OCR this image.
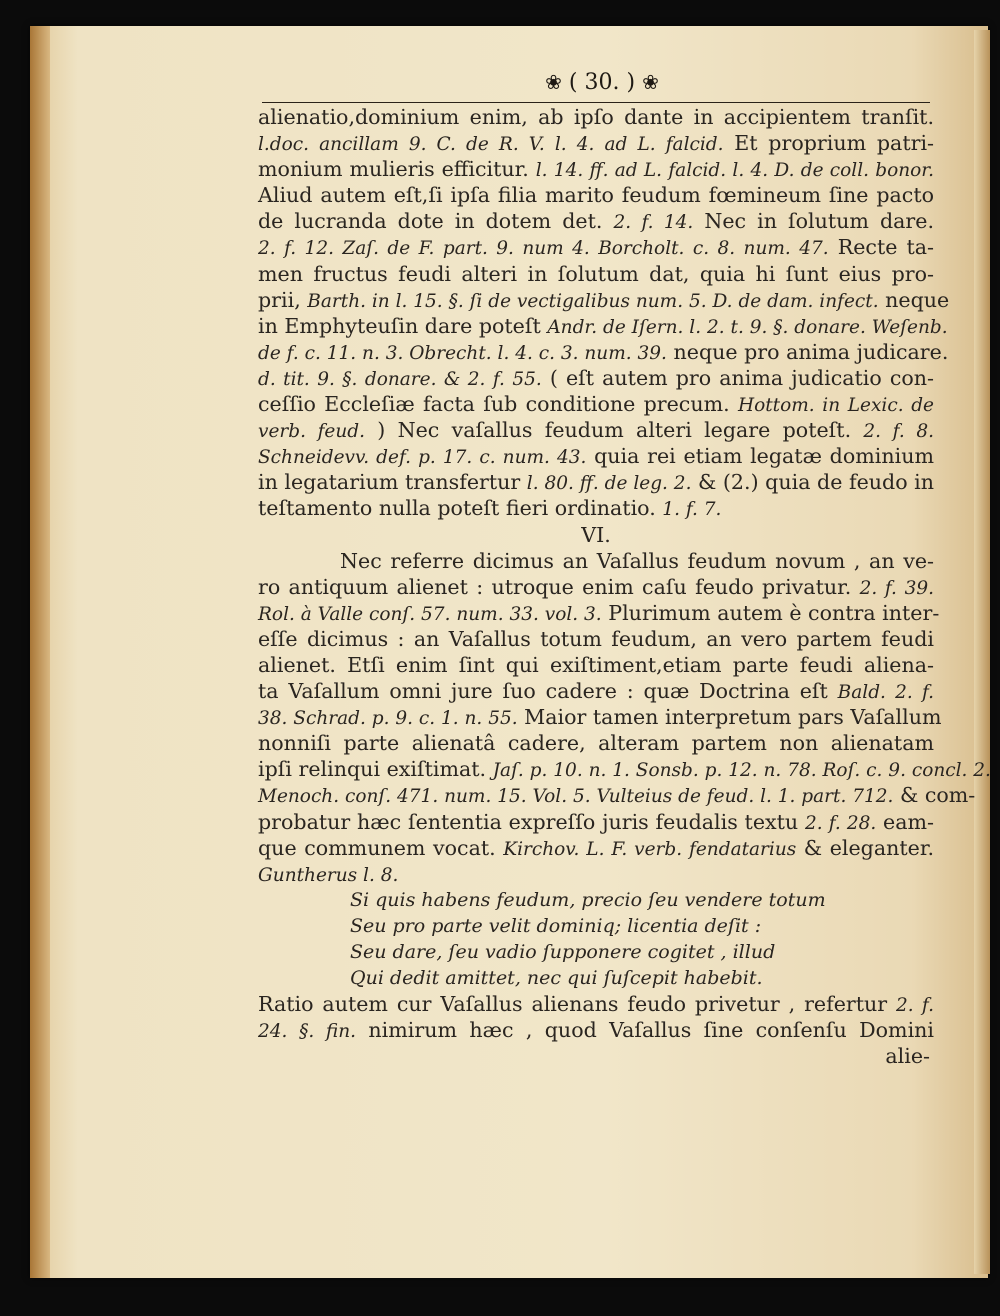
❀ ( 30. ) ❀
alienatio,dominium enim, ab ipſo dante in accipientem tranſit.
l.doc. ancillam 9. C. de R. V. l. 4. ad L. falcid. Et proprium patri-
monium mulieris efficitur. l. 14. ff. ad L. falcid. l. 4. D. de coll. bonor.
Aliud autem eſt,ſi ipſa filia marito feudum fœmineum ſine pacto
de lucranda dote in dotem det. 2. f. 14. Nec in ſolutum dare.
2. f. 12. Zaſ. de F. part. 9. num 4. Borcholt. c. 8. num. 47. Recte ta-
men fructus feudi alteri in ſolutum dat, quia hi ſunt eius pro-
prii, Barth. in l. 15. §. ſi de vectigalibus num. 5. D. de dam. infect. neque
in Emphyteuſin dare poteſt Andr. de Iſern. l. 2. t. 9. §. donare. Weſenb.
de f. c. 11. n. 3. Obrecht. l. 4. c. 3. num. 39. neque pro anima judicare.
d. tit. 9. §. donare. & 2. f. 55. ( eſt autem pro anima judicatio con-
ceſſio Eccleſiæ facta ſub conditione precum. Hottom. in Lexic. de
verb. feud. ) Nec vaſallus feudum alteri legare poteſt. 2. f. 8.
Schneidevv. def. p. 17. c. num. 43. quia rei etiam legatæ dominium
in legatarium transfertur l. 80. ff. de leg. 2. & (2.) quia de feudo in
teſtamento nulla poteſt fieri ordinatio. 1. f. 7.
VI.
Nec referre dicimus an Vaſallus feudum novum , an ve-
ro antiquum alienet : utroque enim caſu feudo privatur. 2. f. 39.
Rol. à Valle conſ. 57. num. 33. vol. 3. Plurimum autem è contra inter-
eſſe dicimus : an Vaſallus totum feudum, an vero partem feudi
alienet. Etſi enim ſint qui exiſtiment,etiam parte feudi aliena-
ta Vaſallum omni jure ſuo cadere : quæ Doctrina eſt Bald. 2. f.
38. Schrad. p. 9. c. 1. n. 55. Maior tamen interpretum pars Vaſallum
nonniſi parte alienatâ cadere, alteram partem non alienatam
ipſi relinqui exiſtimat. Jaſ. p. 10. n. 1. Sonsb. p. 12. n. 78. Roſ. c. 9. concl. 2.
Menoch. conſ. 471. num. 15. Vol. 5. Vulteius de feud. l. 1. part. 712. & com-
probatur hæc ſententia expreſſo juris feudalis textu 2. f. 28. eam-
que communem vocat. Kirchov. L. F. verb. fendatarius & eleganter.
Guntherus l. 8.
Si quis habens feudum, precio ſeu vendere totum
Seu pro parte velit dominiq; licentia deſit :
Seu dare, ſeu vadio ſupponere cogitet , illud
Qui dedit amittet, nec qui ſuſcepit habebit.
Ratio autem cur Vaſallus alienans feudo privetur , refertur 2. f.
24. §. fin. nimirum hæc , quod Vaſallus ſine conſenſu Domini
alie-
